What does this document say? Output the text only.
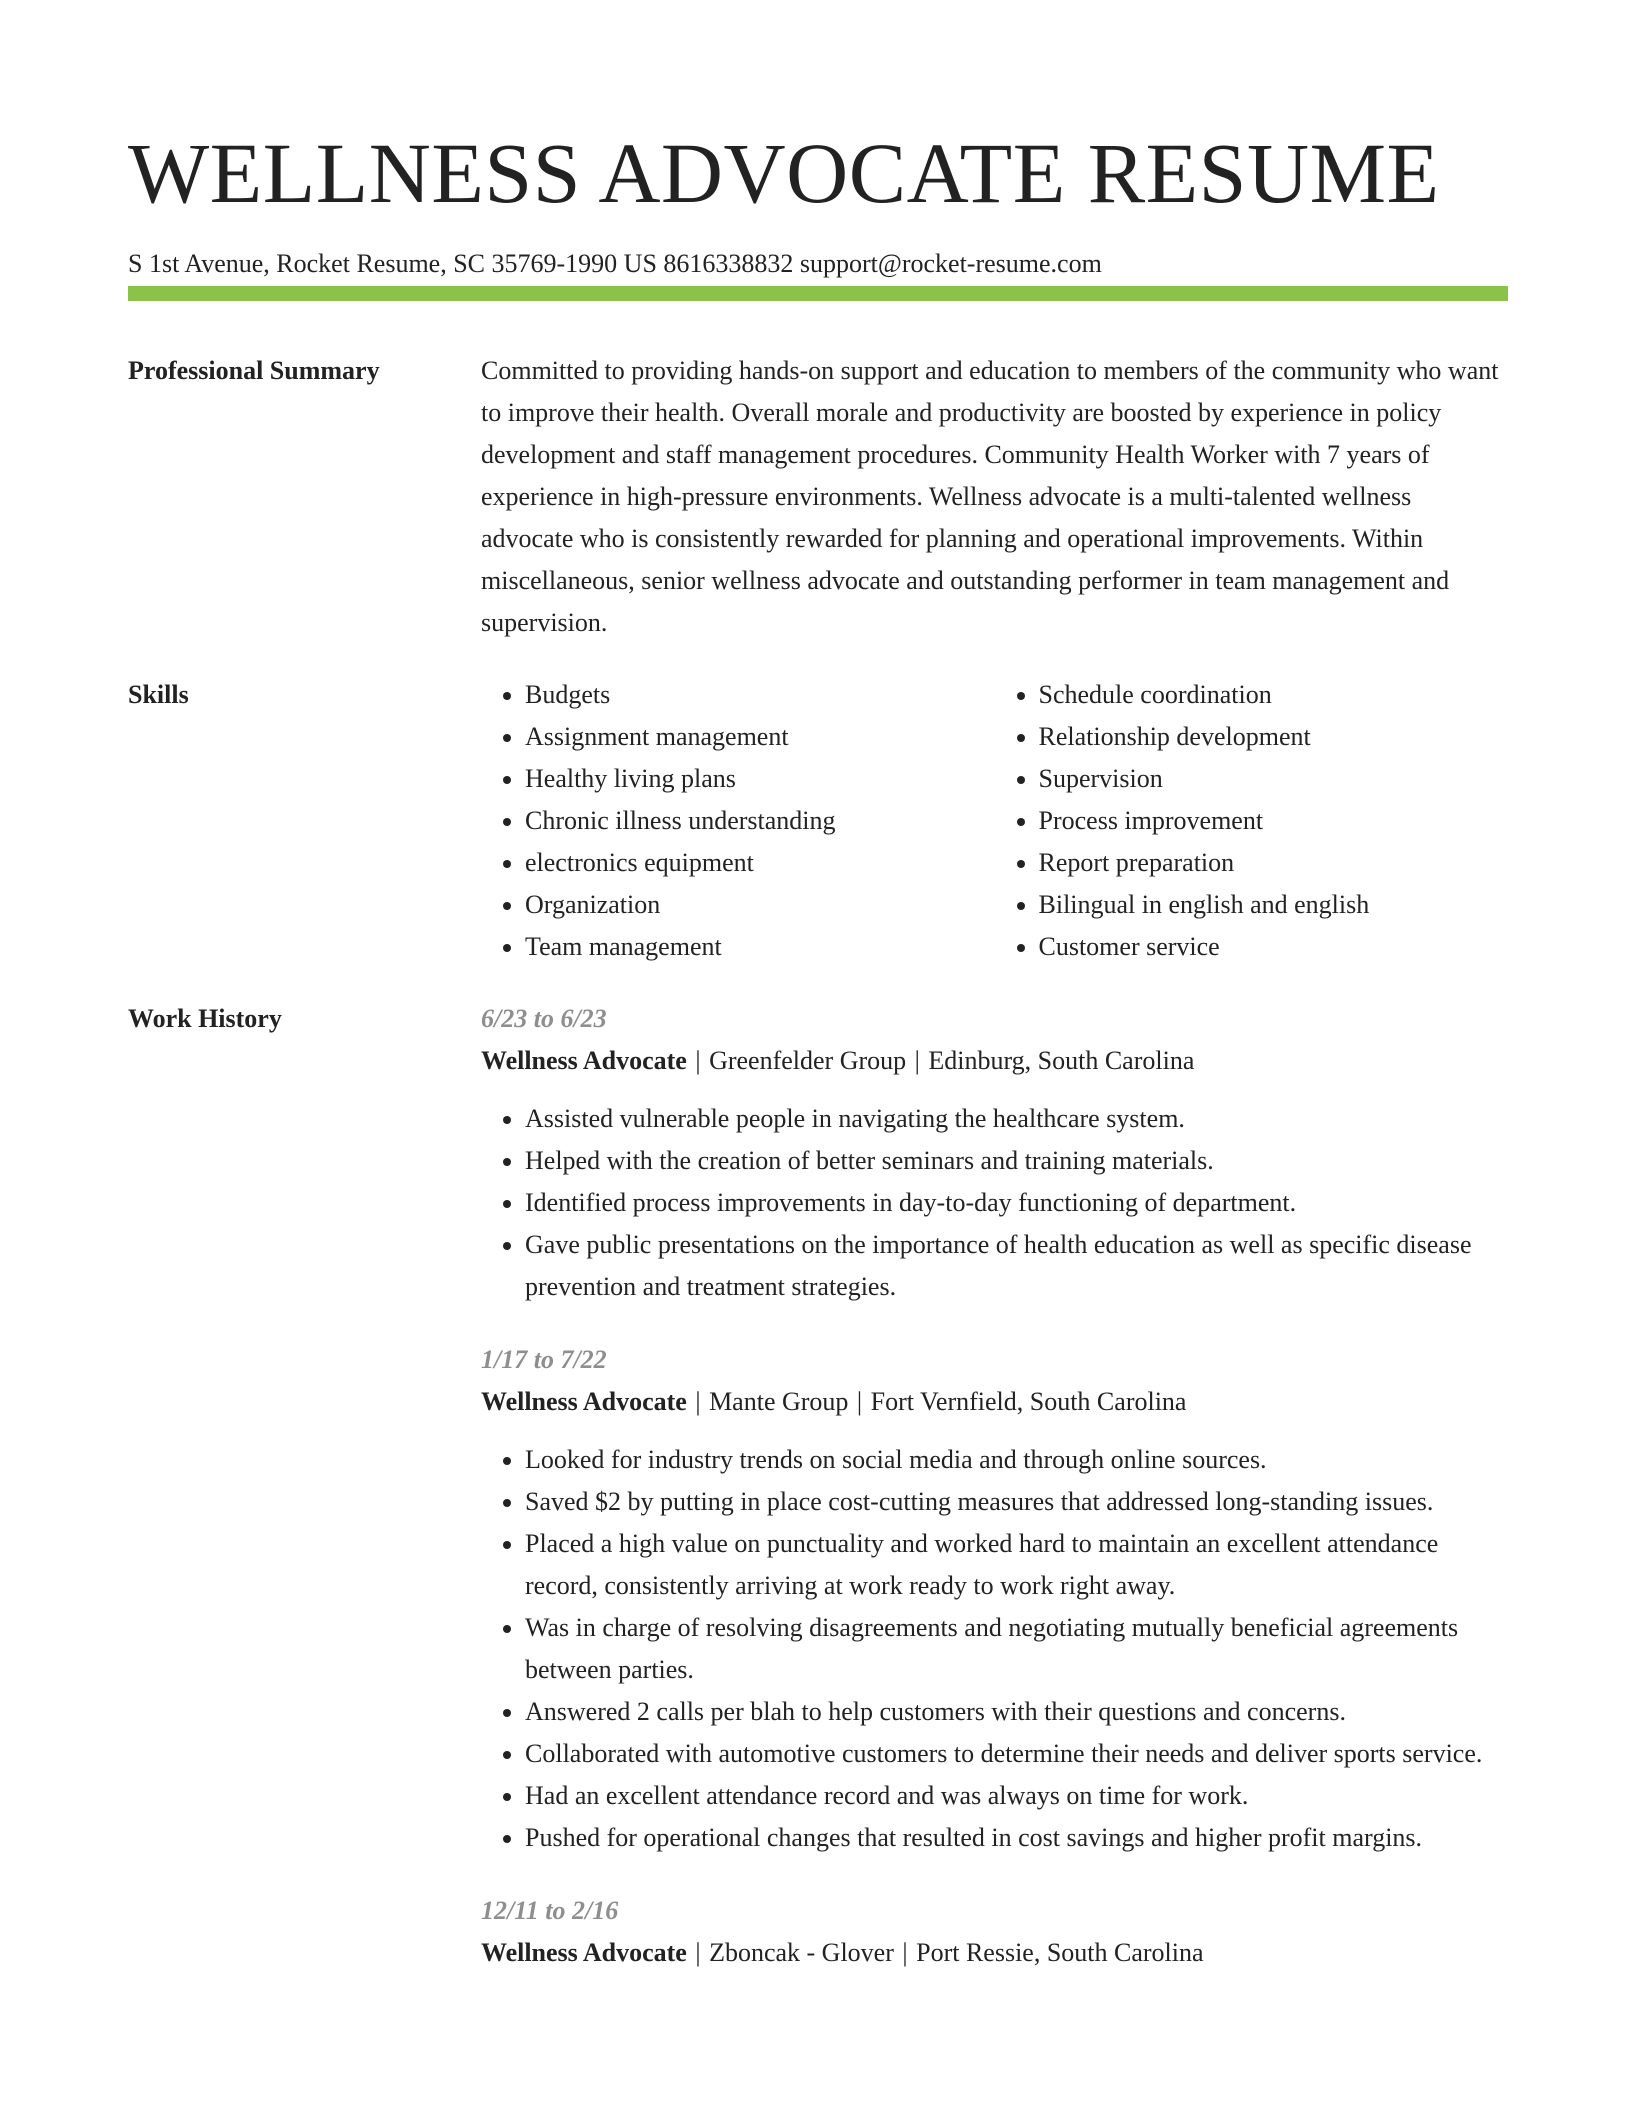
WELLNESS ADVOCATE RESUME
S 1st Avenue, Rocket Resume, SC 35769-1990 US 8616338832 support@rocket-resume.com
Professional Summary	Committed to providing hands-on support and education to members of the community who want to improve their health. Overall morale and productivity are boosted by experience in policy development and staff management procedures. Community Health Worker with 7 years of experience in high-pressure environments. Wellness advocate is a multi-talented wellness advocate who is consistently rewarded for planning and operational improvements. Within miscellaneous, senior wellness advocate and outstanding performer in team management and supervision.

Skills
•	Budgets
• Assignment management
• Healthy living plans
• Chronic illness understanding
• electronics equipment
• Organization
• Team management
• Schedule coordination
• Relationship development
• Supervision
• Process improvement
• Report preparation
• Bilingual in english and english
• Customer service
Work History	6/23 to 6/23
Wellness Advocate | Greenfelder Group | Edinburg, South Carolina
• Assisted vulnerable people in navigating the healthcare system.
• Helped with the creation of better seminars and training materials.
• Identified process improvements in day-to-day functioning of department.
• Gave public presentations on the importance of health education as well as specific disease prevention and treatment strategies.
1/17 to 7/22
Wellness Advocate | Mante Group | Fort Vernfield, South Carolina
• Looked for industry trends on social media and through online sources.
• Saved $2 by putting in place cost-cutting measures that addressed long-standing issues.
• Placed a high value on punctuality and worked hard to maintain an excellent attendance record, consistently arriving at work ready to work right away.
• Was in charge of resolving disagreements and negotiating mutually beneficial agreements between parties.
• Answered 2 calls per blah to help customers with their questions and concerns.
• Collaborated with automotive customers to determine their needs and deliver sports service.
• Had an excellent attendance record and was always on time for work.
• Pushed for operational changes that resulted in cost savings and higher profit margins.
12/11 to 2/16
Wellness Advocate | Zboncak - Glover | Port Ressie, South Carolina
